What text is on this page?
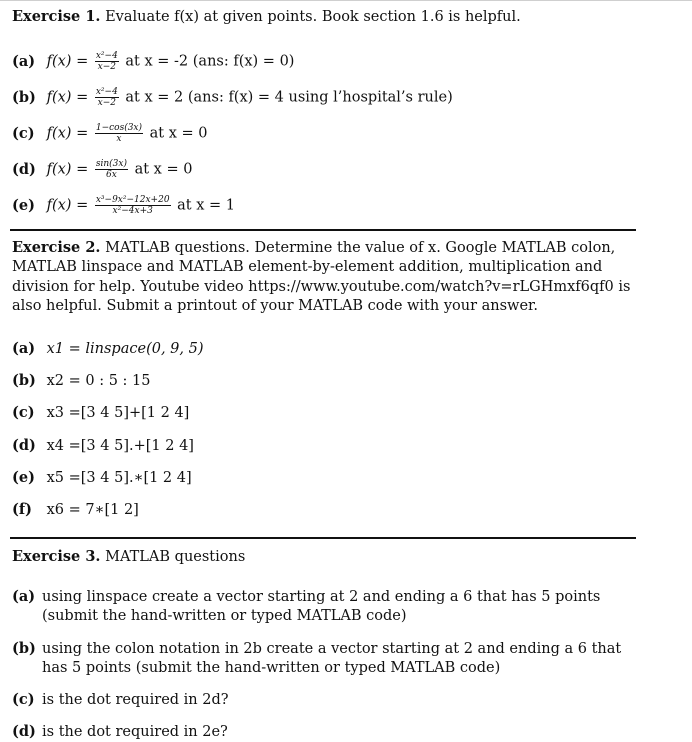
Exercise 1. Evaluate f(x) at given points. Book section 1.6 is helpful.
(a) $f(x) = \frac{\text{x²−4}}{x-2}$ at x = -2 (ans: f(x) = 0)
(b) $f(x) = \frac{\text{x²−4}}{x-2}$ at x = 2 (ans: f(x) = 4 using l’hospital’s rule)
(c) $f(x) = \frac{1-\cos(3x)}{x}$ at x = 0
(d) $f(x) = \frac{\sin(3x)}{6x}$ at x = 0
(e) $f(x) = \frac{\text{x³−9x²−12x+20}}{\text{x²−4x+3}}$ at x = 1
Exercise 2. MATLAB questions. Determine the value of x. Google MATLAB colon, MATLAB linspace and MATLAB element-by-element addition, multiplication and division for help. Youtube video https://www.youtube.com/watch?v=rLGHmxf6qf0 is also helpful. Submit a printout of your MATLAB code with your answer.
(a) x1 = linspace(0, 9, 5)
(b) x2 = 0 : 5 : 15
(c) x3 =[3 4 5]+[1 2 4]
(d) x4 =[3 4 5].+[1 2 4]
(e) x5 =[3 4 5].∗[1 2 4]
(f) x6 = 7∗[1 2]
Exercise 3. MATLAB questions
(a) using linspace create a vector starting at 2 and ending a 6 that has 5 points (submit the hand-written or typed MATLAB code)
(b) using the colon notation in 2b create a vector starting at 2 and ending a 6 that has 5 points (submit the hand-written or typed MATLAB code)
(c) is the dot required in 2d?
(d) is the dot required in 2e?
